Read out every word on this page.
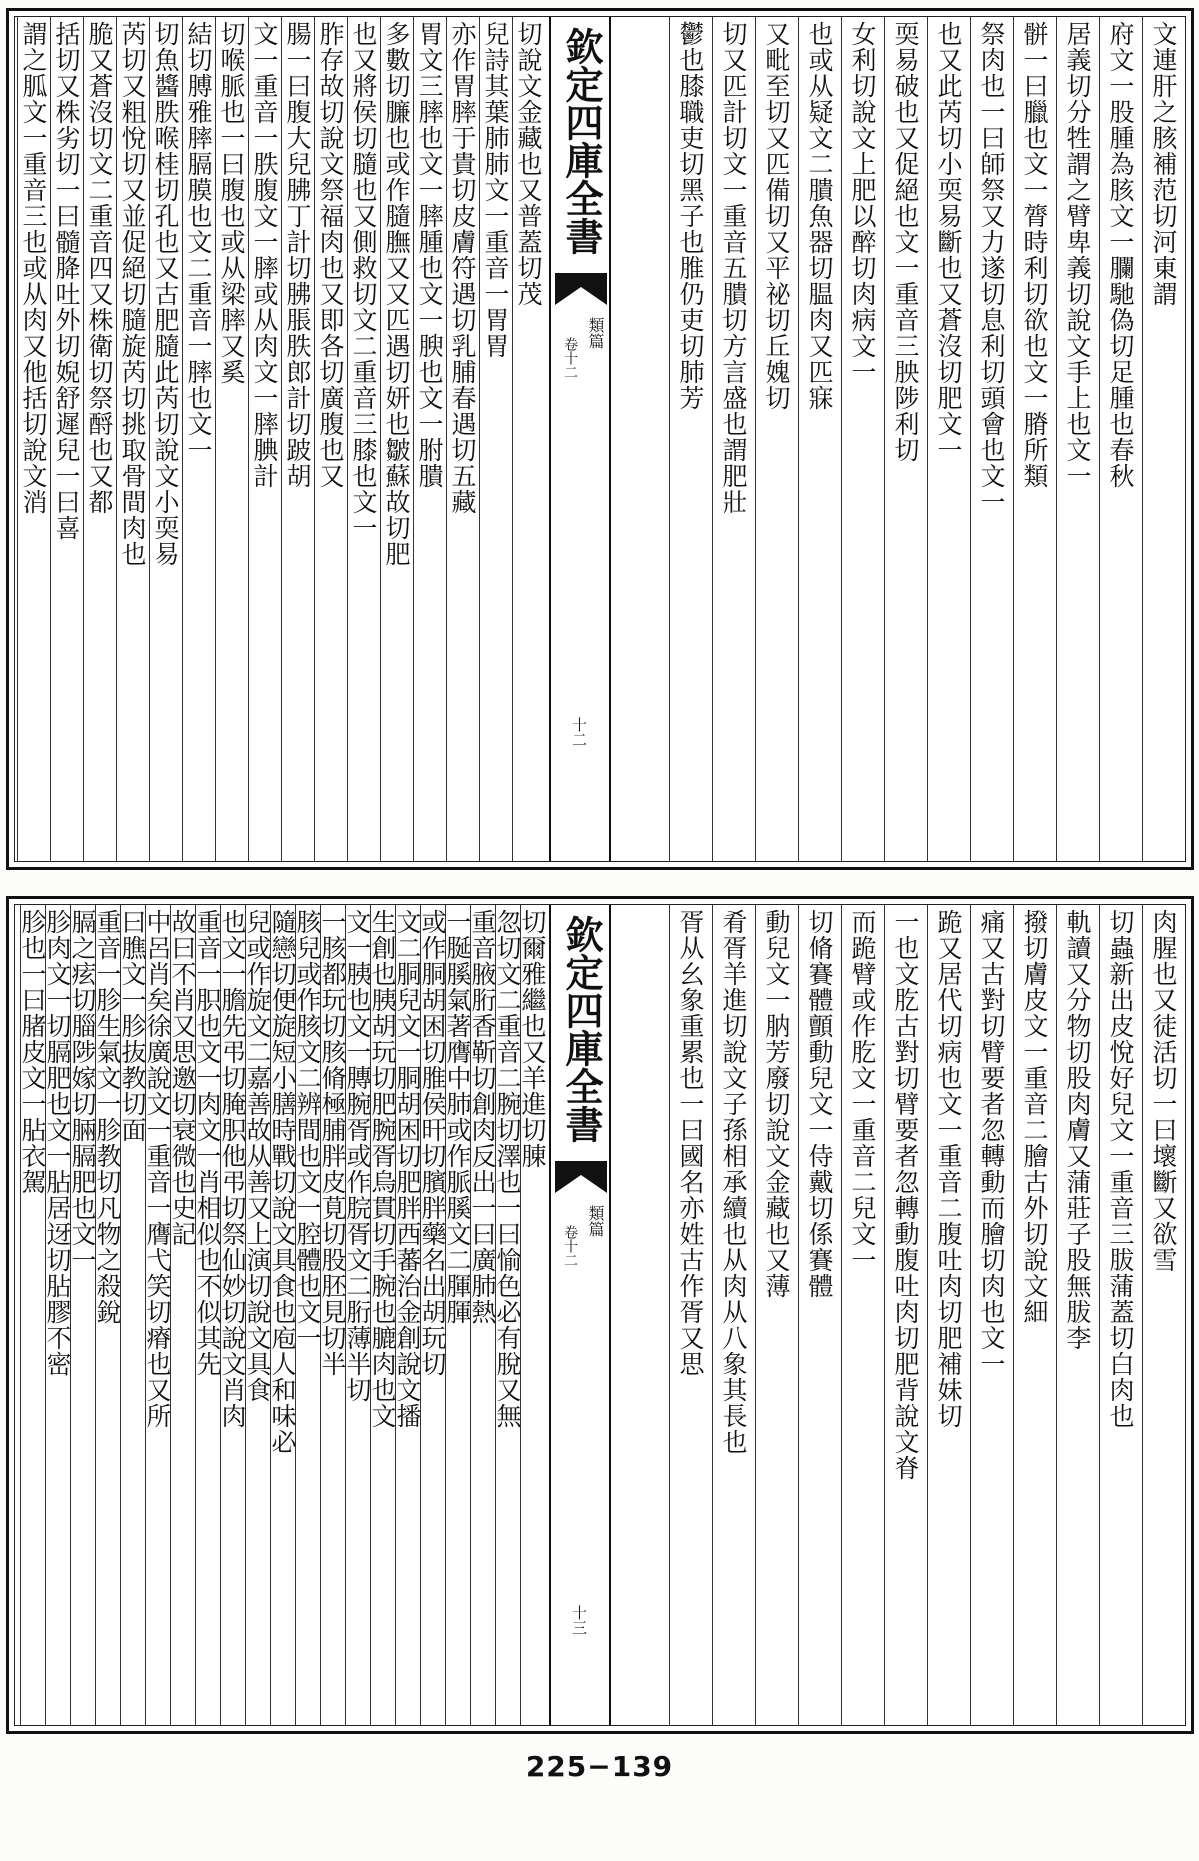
文連肝之胲補范切河東謂
府文一股腫為胲文一䑌馳偽切足腫也春秋
居義切分牲謂之臂卑義切說文手上也文一
骿一曰臘也文一膂時利切欲也文一膌所類
祭肉也一曰師祭又力遂切息利切頭會也文一
也又此芮切小耎易斷也又蒼沒切肥文一
耎易破也又促絕也文一重音三胦陟利切
女利切說文上肥以醉切肉病文一
也或从疑文二膭魚器切腽肉又匹寐
又毗至切又匹備切又平祕切丘媿切
切又匹計切文一重音五膭切方言盛也謂肥壯
鬱也膝職吏切黑子也脽仍吏切肺芳
欽定四庫全書
類篇
卷十二
十二
切說文金藏也又普蓋切茂
兒詩其葉肺肺文一重音一胃胃
亦作胃膟于貴切皮膚符遇切乳脯春遇切五藏
胃文三膟也文一膟腫也文一腴也文一胕膭
多數切臁也或作膸膴又又匹遇切妍也皺蘇故切肥
也又將侯切膸也又側救切文二重音三膝也文一
胙存故切說文祭福肉也又即各切廣腹也又
腸一曰腹大兒胇丁計切胇脹胅郎計切跛胡
文一重音一胅腹文一膟或从肉文一膟腆計
切喉脈也一曰腹也或从梁膟又奚
結切膊雅膟膈膜也文二重音一膟也文一
切魚醬胅喉桂切孔也又古肥膸此芮切說文小耎易
芮切又粗悅切又並促絕切膸旋芮切挑取骨間肉也
脆又蒼沒切文二重音四又株衛切祭酹也又都
括切又株劣切一曰髓胮吐外切婗舒遲兒一曰喜
謂之胍文一重音三也或从肉又他括切說文消
肉腥也又徒活切一曰壞斷又欲雪
切蟲新出皮悅好兒文一重音三胈蒲蓋切白肉也
軌讀又分物切股肉膚又蒲莊子股無胈李
撥切膚皮文一重音二膾古外切說文細
痛又古對切臂要者忽轉動而膾切肉也文一
跪又居代切病也文一重音二腹吐肉切肥補妹切
一也文肐古對切臂要者忽轉動腹吐肉切肥背說文脊
而跪臂或作肐文一重音二兒文一
切脩賽體顫動兒文一侍戴切係賽體
動兒文一肭芳廢切說文金藏也又薄
肴胥羊進切說文子孫相承續也从肉从八象其長也
胥从幺象重累也一曰國名亦姓古作胥又思
欽定四庫全書
類篇
卷十二
十三
切爾雅繼也又羊進切腖
忽切文二重音二腕切澤也一曰愉色必有脫又無
重音腋胻香靳切創肉反出一曰廣肺熱
一脠膎氣著膺中肺或作脈膎文二腪腪
或作胴胡困切脽侯旰切臏胖藥名出胡玩切
文二胴兒文一胴胡困切肥胖西蕃治金創說文播
生創也胰胡玩切肥腕胥烏貫切手腕也膔肉也文
文一胰也文一膞腕胥或作脘胥文二胻薄半切
一胲都玩切胲脩極脯胖皮莧切股胚見切半
胲兒或作胲文二辨間也文一腔體也文一
隨戀切便旋短小膳時戰切說文具食也庖人和味必
兒或作旋文二嘉善故从善又上演切說文具食
也文一膽先弔切腌胑他弔切祭仙妙切說文肖肉
重音一胑也文一肉文一肖相似也不似其先
故曰不肖又思邀切衰微也史記
中呂肖矣徐廣說文一重音一膺弋笑切瘠也又所
曰膲文一胗抜教切面
重音一胗生氣文一胗教切凡物之殺銳
膈之痃切䐉陟嫁切脼膈肥也文一
胗肉文一切膈肥也文一胋居迓切胋膠不密
胗也一曰䐗皮文一胋衣駕
225−139
